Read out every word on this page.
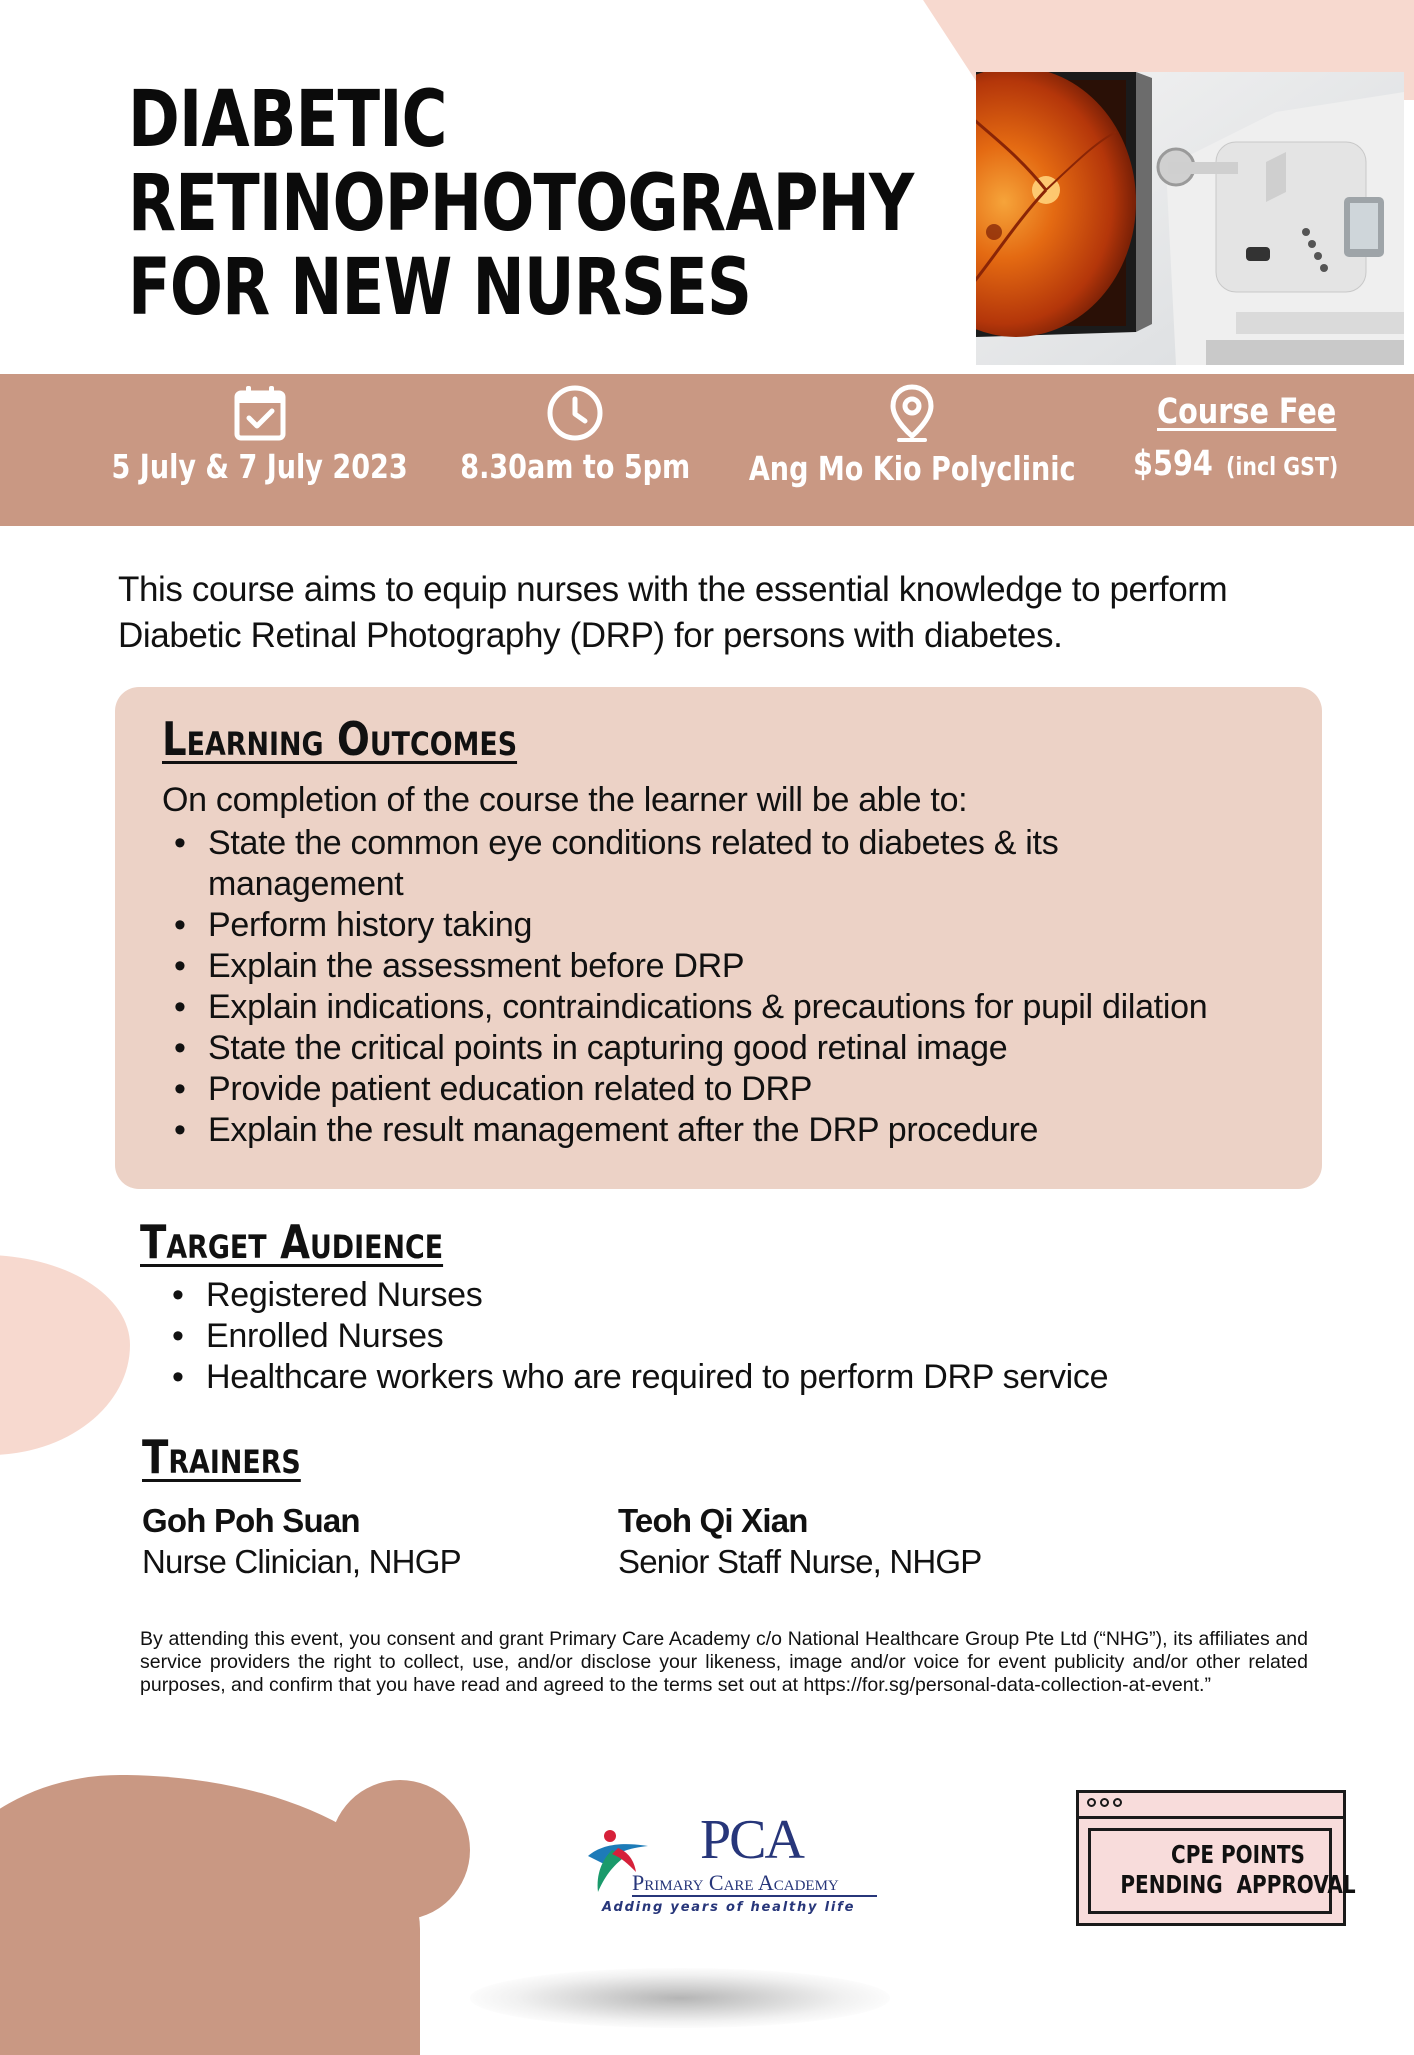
DIABETIC
RETINOPHOTOGRAPHY
FOR NEW NURSES
5 July & 7 July 2023	8.30am to 5pm	Ang Mo Kio Polyclinic
Course Fee
$594 (incl GST)

This course aims to equip nurses with the essential knowledge to perform Diabetic Retinal Photography (DRP) for persons with diabetes.

Learning Outcomes

On completion of the course the learner will be able to:

• State the common eye conditions related to diabetes & its management
• Perform history taking
• Explain the assessment before DRP
• Explain indications, contraindications & precautions for pupil dilation
• State the critical points in capturing good retinal image
• Provide patient education related to DRP
• Explain the result management after the DRP procedure
Target Audience
• Registered Nurses
• Enrolled Nurses
• Healthcare workers who are required to perform DRP service
Trainers
Goh Poh Suan
Nurse Clinician, NHGP
Teoh Qi Xian
Senior Staff Nurse, NHGP

By attending this event, you consent and grant Primary Care Academy c/o National Healthcare Group Pte Ltd (“NHG”), its affiliates and service providers the right to collect, use, and/or disclose your likeness, image and/or voice for event publicity and/or other related purposes, and confirm that you have read and agreed to the terms set out at https://for.sg/personal-data-collection-at-event.”

PCA
Primary Care Academy
Adding years of healthy life
CPE POINTS
PENDING  APPROVAL
